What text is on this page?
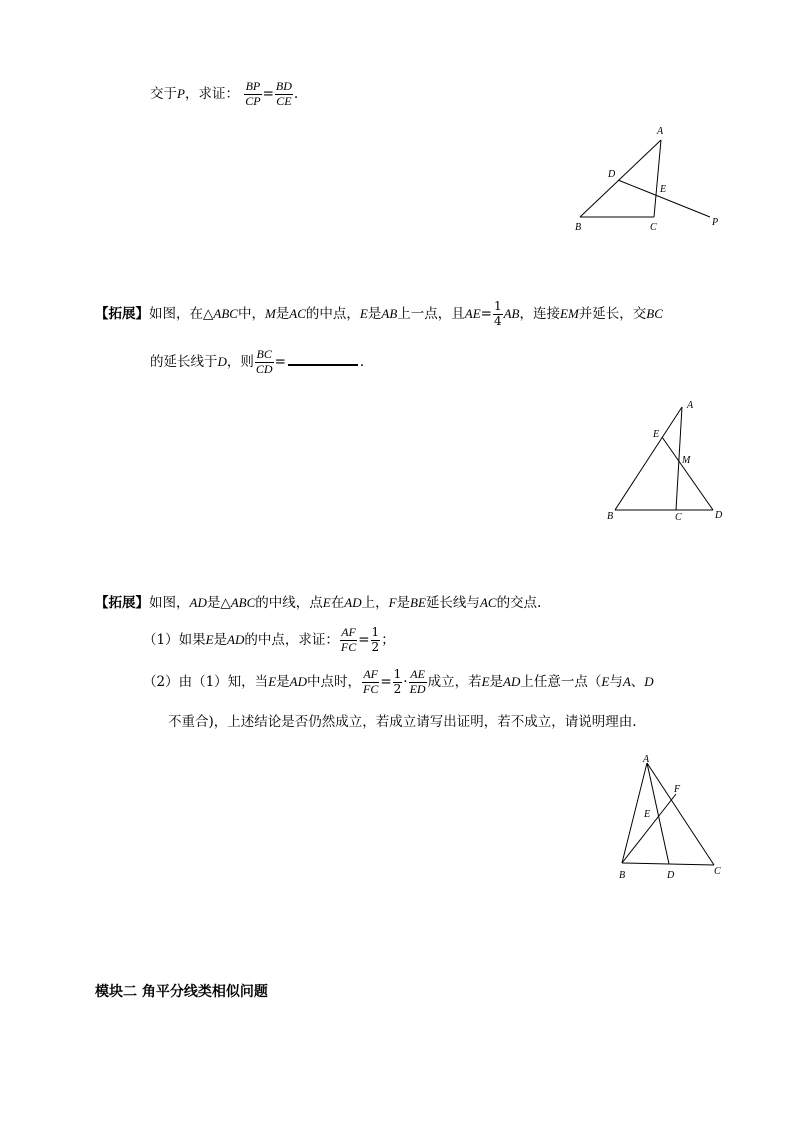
交于P，求证： $\frac{BP}{CP} = \frac{BD}{CE}$ .
A
D
E
B	C	P
【拓展】如图，在△ABC中，M是AC的中点，E是AB上一点，且$AE= \frac{1}{4}$ AB，连接EM并延长，交BC
的延长线于D，则 $\frac{BC}{CD}$ =	.
A
E
M
B	C	D
【拓展】如图，AD是△ABC的中线，点E在AD上，F是BE延长线与AC的交点.
（1）如果E是AD的中点，求证： $\frac{AF}{FC} = \frac{1}{2}$ ；
（2）由（1）知，当E是AD中点时， $\frac{AF}{FC} = \frac{1}{2} \cdot \frac{AE}{ED}$ 成立，若E是AD上任意一点（E与A、D
不重合)，上述结论是否仍然成立，若成立请写出证明，若不成立，请说明理由.
A
F
E
B	D	C
模块二 角平分线类相似问题
